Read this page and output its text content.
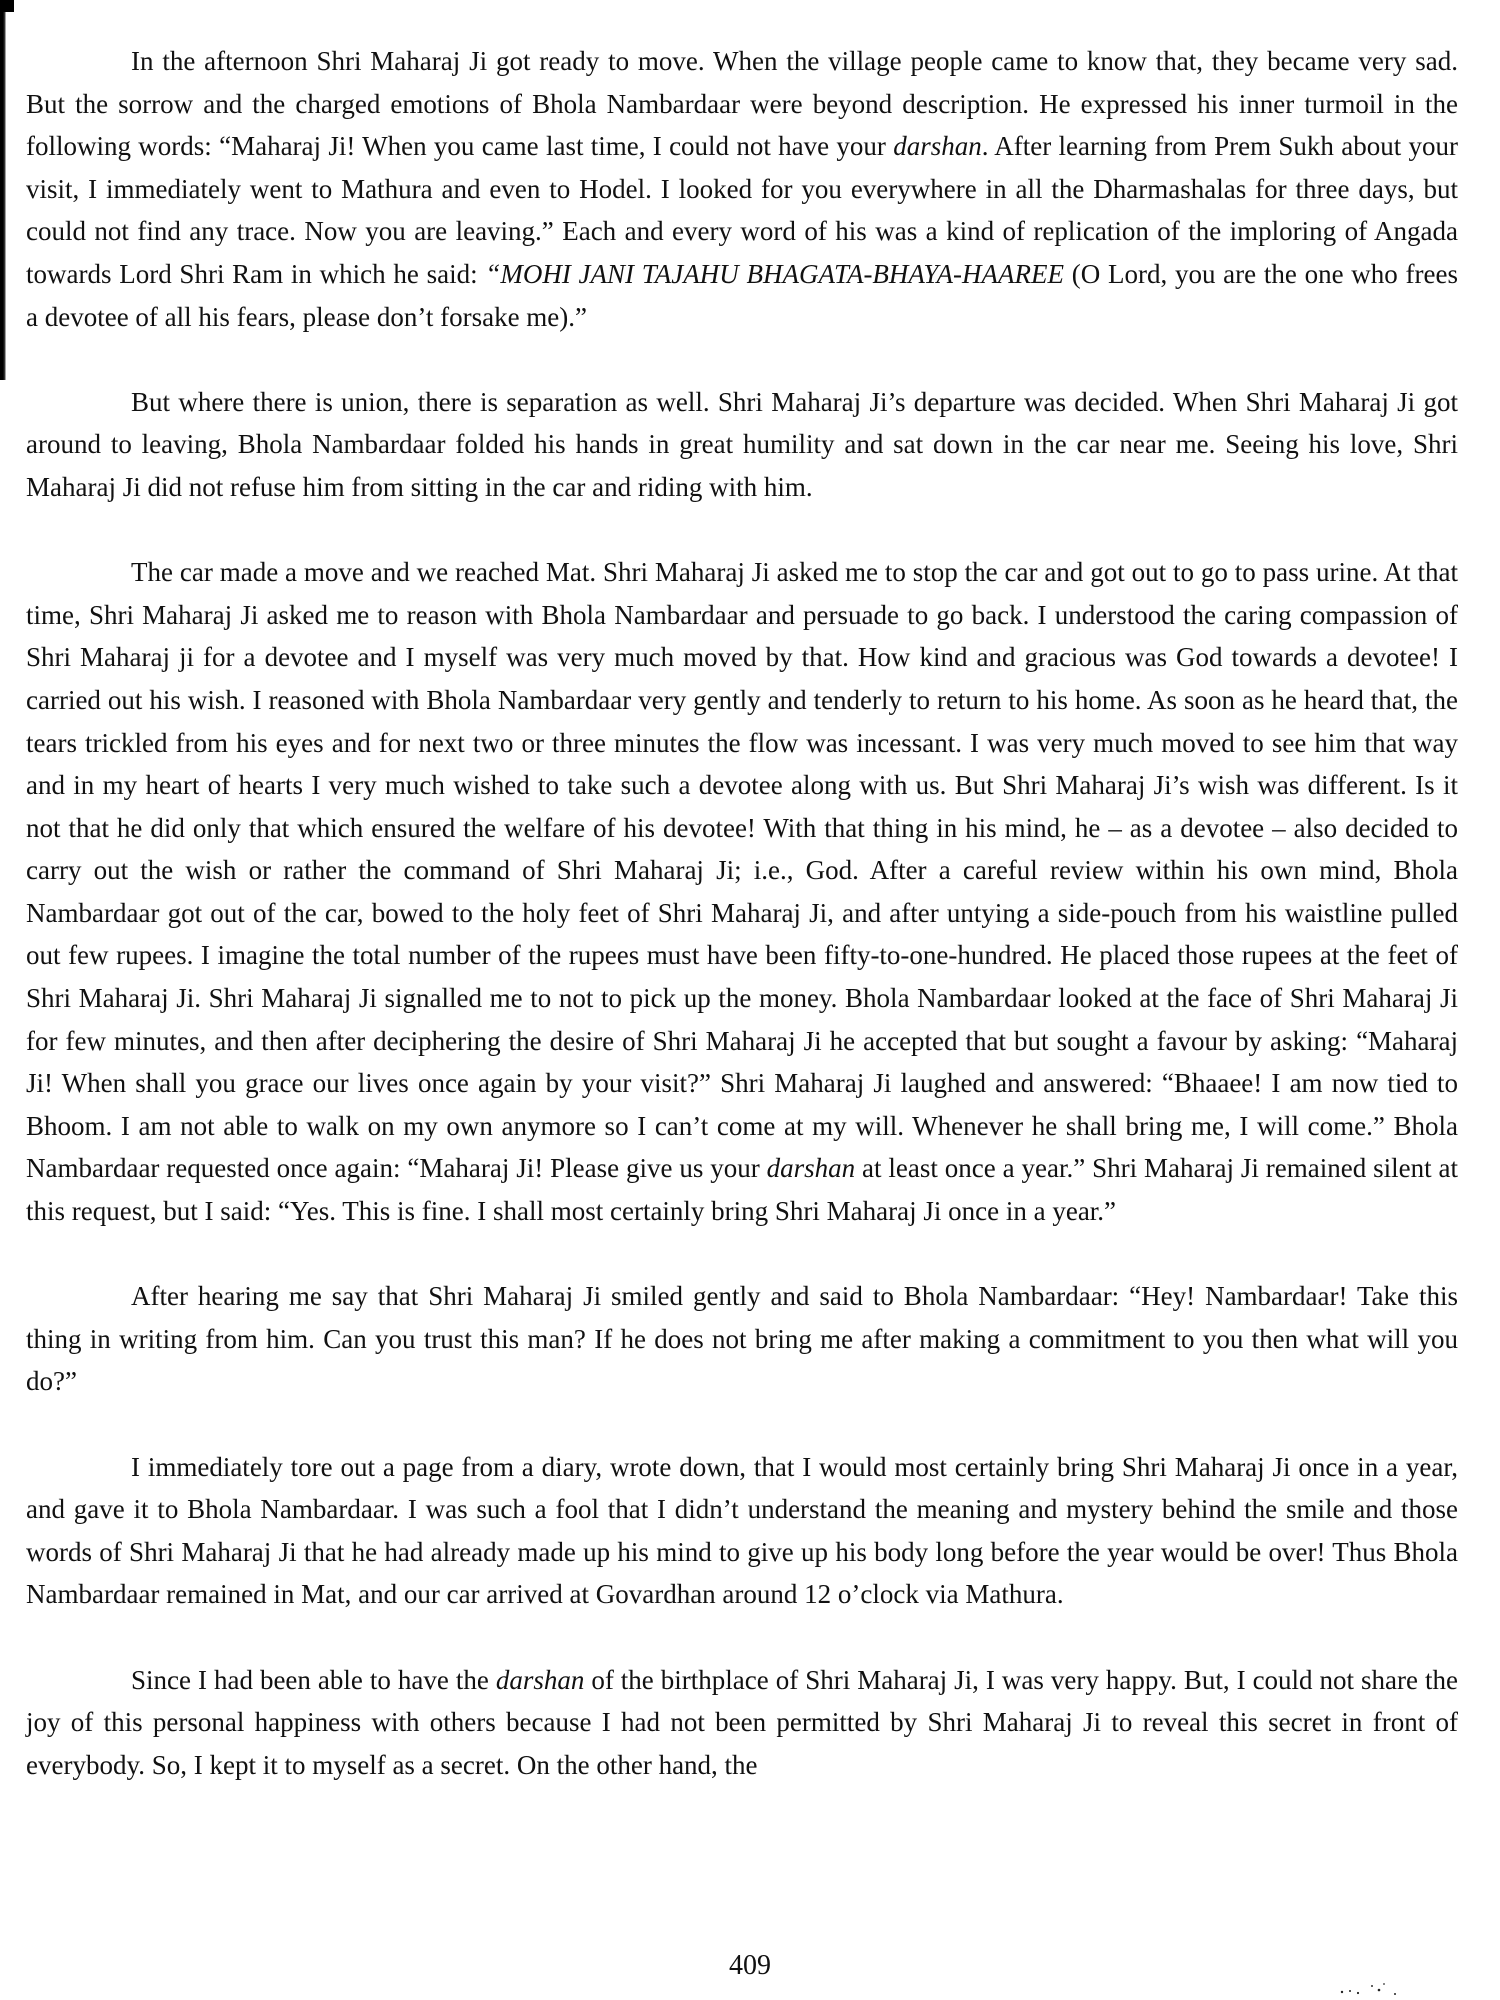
In the afternoon Shri Maharaj Ji got ready to move. When the village people came to know that, they became very sad. But the sorrow and the charged emotions of Bhola Nambardaar were beyond description. He expressed his inner turmoil in the following words: “Maharaj Ji! When you came last time, I could not have your darshan. After learning from Prem Sukh about your visit, I immediately went to Mathura and even to Hodel. I looked for you everywhere in all the Dharmashalas for three days, but could not find any trace. Now you are leaving.” Each and every word of his was a kind of replication of the imploring of Angada towards Lord Shri Ram in which he said: “MOHI JANI TAJAHU BHAGATA-BHAYA-HAAREE (O Lord, you are the one who frees a devotee of all his fears, please don’t forsake me).”

But where there is union, there is separation as well. Shri Maharaj Ji’s departure was decided. When Shri Maharaj Ji got around to leaving, Bhola Nambardaar folded his hands in great humility and sat down in the car near me. Seeing his love, Shri Maharaj Ji did not refuse him from sitting in the car and riding with him.

The car made a move and we reached Mat. Shri Maharaj Ji asked me to stop the car and got out to go to pass urine. At that time, Shri Maharaj Ji asked me to reason with Bhola Nambardaar and persuade to go back. I understood the caring compassion of Shri Maharaj ji for a devotee and I myself was very much moved by that. How kind and gracious was God towards a devotee! I carried out his wish. I reasoned with Bhola Nambardaar very gently and tenderly to return to his home. As soon as he heard that, the tears trickled from his eyes and for next two or three minutes the flow was incessant. I was very much moved to see him that way and in my heart of hearts I very much wished to take such a devotee along with us. But Shri Maharaj Ji’s wish was different. Is it not that he did only that which ensured the welfare of his devotee! With that thing in his mind, he – as a devotee – also decided to carry out the wish or rather the command of Shri Maharaj Ji; i.e., God. After a careful review within his own mind, Bhola Nambardaar got out of the car, bowed to the holy feet of Shri Maharaj Ji, and after untying a side-pouch from his waistline pulled out few rupees. I imagine the total number of the rupees must have been fifty-to-one-hundred. He placed those rupees at the feet of Shri Maharaj Ji. Shri Maharaj Ji signalled me to not to pick up the money. Bhola Nambardaar looked at the face of Shri Maharaj Ji for few minutes, and then after deciphering the desire of Shri Maharaj Ji he accepted that but sought a favour by asking: “Maharaj Ji! When shall you grace our lives once again by your visit?” Shri Maharaj Ji laughed and answered: “Bhaaee! I am now tied to Bhoom. I am not able to walk on my own anymore so I can’t come at my will. Whenever he shall bring me, I will come.” Bhola Nambardaar requested once again: “Maharaj Ji! Please give us your darshan at least once a year.” Shri Maharaj Ji remained silent at this request, but I said: “Yes. This is fine. I shall most certainly bring Shri Maharaj Ji once in a year.”

After hearing me say that Shri Maharaj Ji smiled gently and said to Bhola Nambardaar: “Hey! Nambardaar! Take this thing in writing from him. Can you trust this man? If he does not bring me after making a commitment to you then what will you do?”

I immediately tore out a page from a diary, wrote down, that I would most certainly bring Shri Maharaj Ji once in a year, and gave it to Bhola Nambardaar. I was such a fool that I didn’t understand the meaning and mystery behind the smile and those words of Shri Maharaj Ji that he had already made up his mind to give up his body long before the year would be over! Thus Bhola Nambardaar remained in Mat, and our car arrived at Govardhan around 12 o’clock via Mathura.

Since I had been able to have the darshan of the birthplace of Shri Maharaj Ji, I was very happy. But, I could not share the joy of this personal happiness with others because I had not been permitted by Shri Maharaj Ji to reveal this secret in front of everybody. So, I kept it to myself as a secret. On the other hand, the

409
